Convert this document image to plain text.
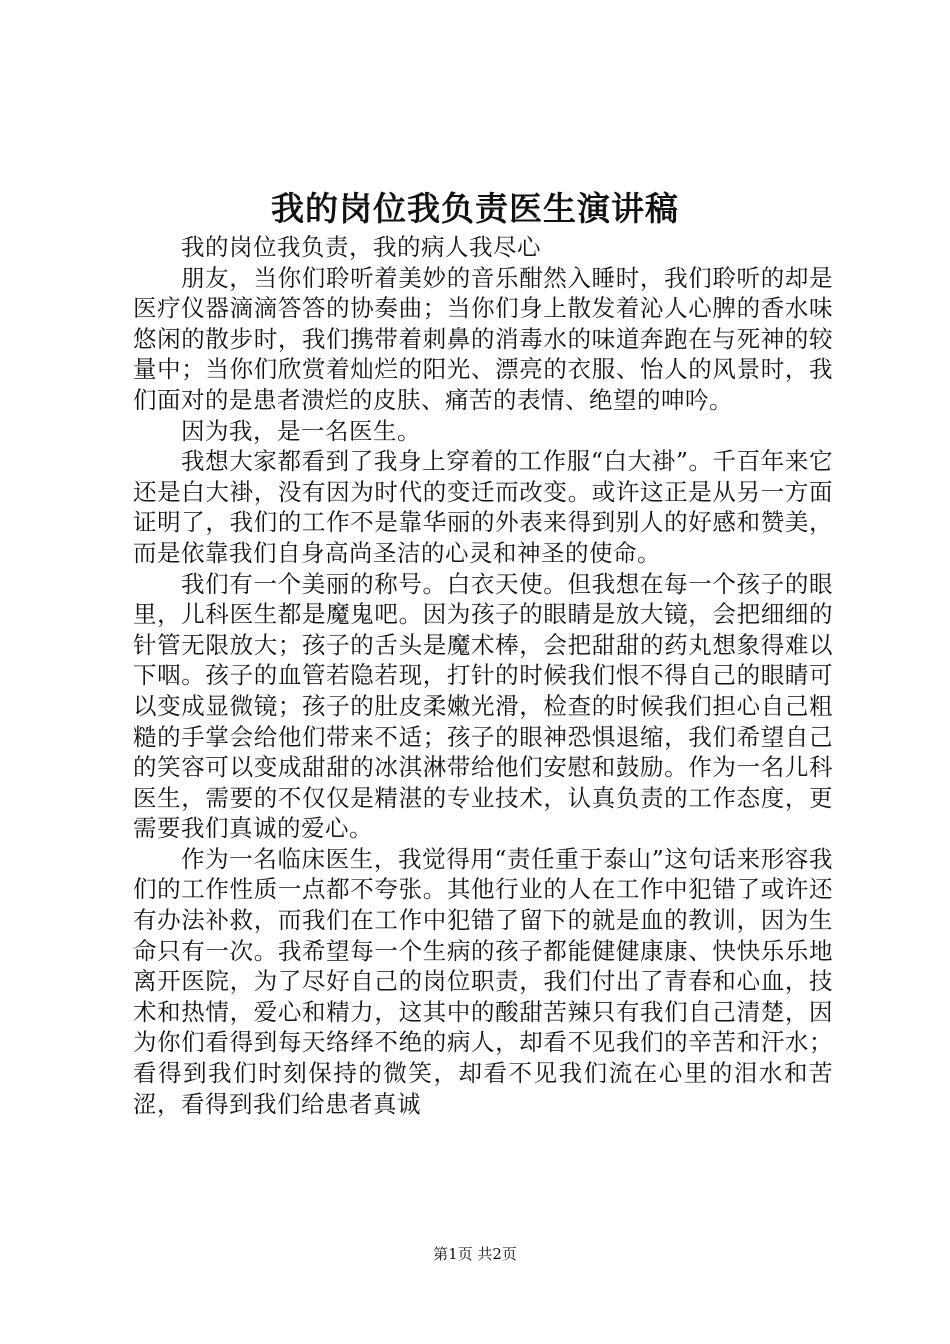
我的岗位我负责医生演讲稿

我的岗位我负责，我的病人我尽心

朋友，当你们聆听着美妙的音乐酣然入睡时，我们聆听的却是医疗仪器滴滴答答的协奏曲；当你们身上散发着沁人心脾的香水味悠闲的散步时，我们携带着刺鼻的消毒水的味道奔跑在与死神的较量中；当你们欣赏着灿烂的阳光、漂亮的衣服、怡人的风景时，我们面对的是患者溃烂的皮肤、痛苦的表情、绝望的呻吟。

因为我，是一名医生。

我想大家都看到了我身上穿着的工作服“白大褂”。千百年来它还是白大褂，没有因为时代的变迁而改变。或许这正是从另一方面证明了，我们的工作不是靠华丽的外表来得到别人的好感和赞美，而是依靠我们自身高尚圣洁的心灵和神圣的使命。

我们有一个美丽的称号。白衣天使。但我想在每一个孩子的眼里，儿科医生都是魔鬼吧。因为孩子的眼睛是放大镜，会把细细的针管无限放大；孩子的舌头是魔术棒，会把甜甜的药丸想象得难以下咽。孩子的血管若隐若现，打针的时候我们恨不得自己的眼睛可以变成显微镜；孩子的肚皮柔嫩光滑，检查的时候我们担心自己粗糙的手掌会给他们带来不适；孩子的眼神恐惧退缩，我们希望自己的笑容可以变成甜甜的冰淇淋带给他们安慰和鼓励。作为一名儿科医生，需要的不仅仅是精湛的专业技术，认真负责的工作态度，更需要我们真诚的爱心。

作为一名临床医生，我觉得用“责任重于泰山”这句话来形容我们的工作性质一点都不夸张。其他行业的人在工作中犯错了或许还有办法补救，而我们在工作中犯错了留下的就是血的教训，因为生命只有一次。我希望每一个生病的孩子都能健健康康、快快乐乐地离开医院，为了尽好自己的岗位职责，我们付出了青春和心血，技术和热情，爱心和精力，这其中的酸甜苦辣只有我们自己清楚，因为你们看得到每天络绎不绝的病人，却看不见我们的辛苦和汗水；看得到我们时刻保持的微笑，却看不见我们流在心里的泪水和苦涩，看得到我们给患者真诚

第1页 共2页
